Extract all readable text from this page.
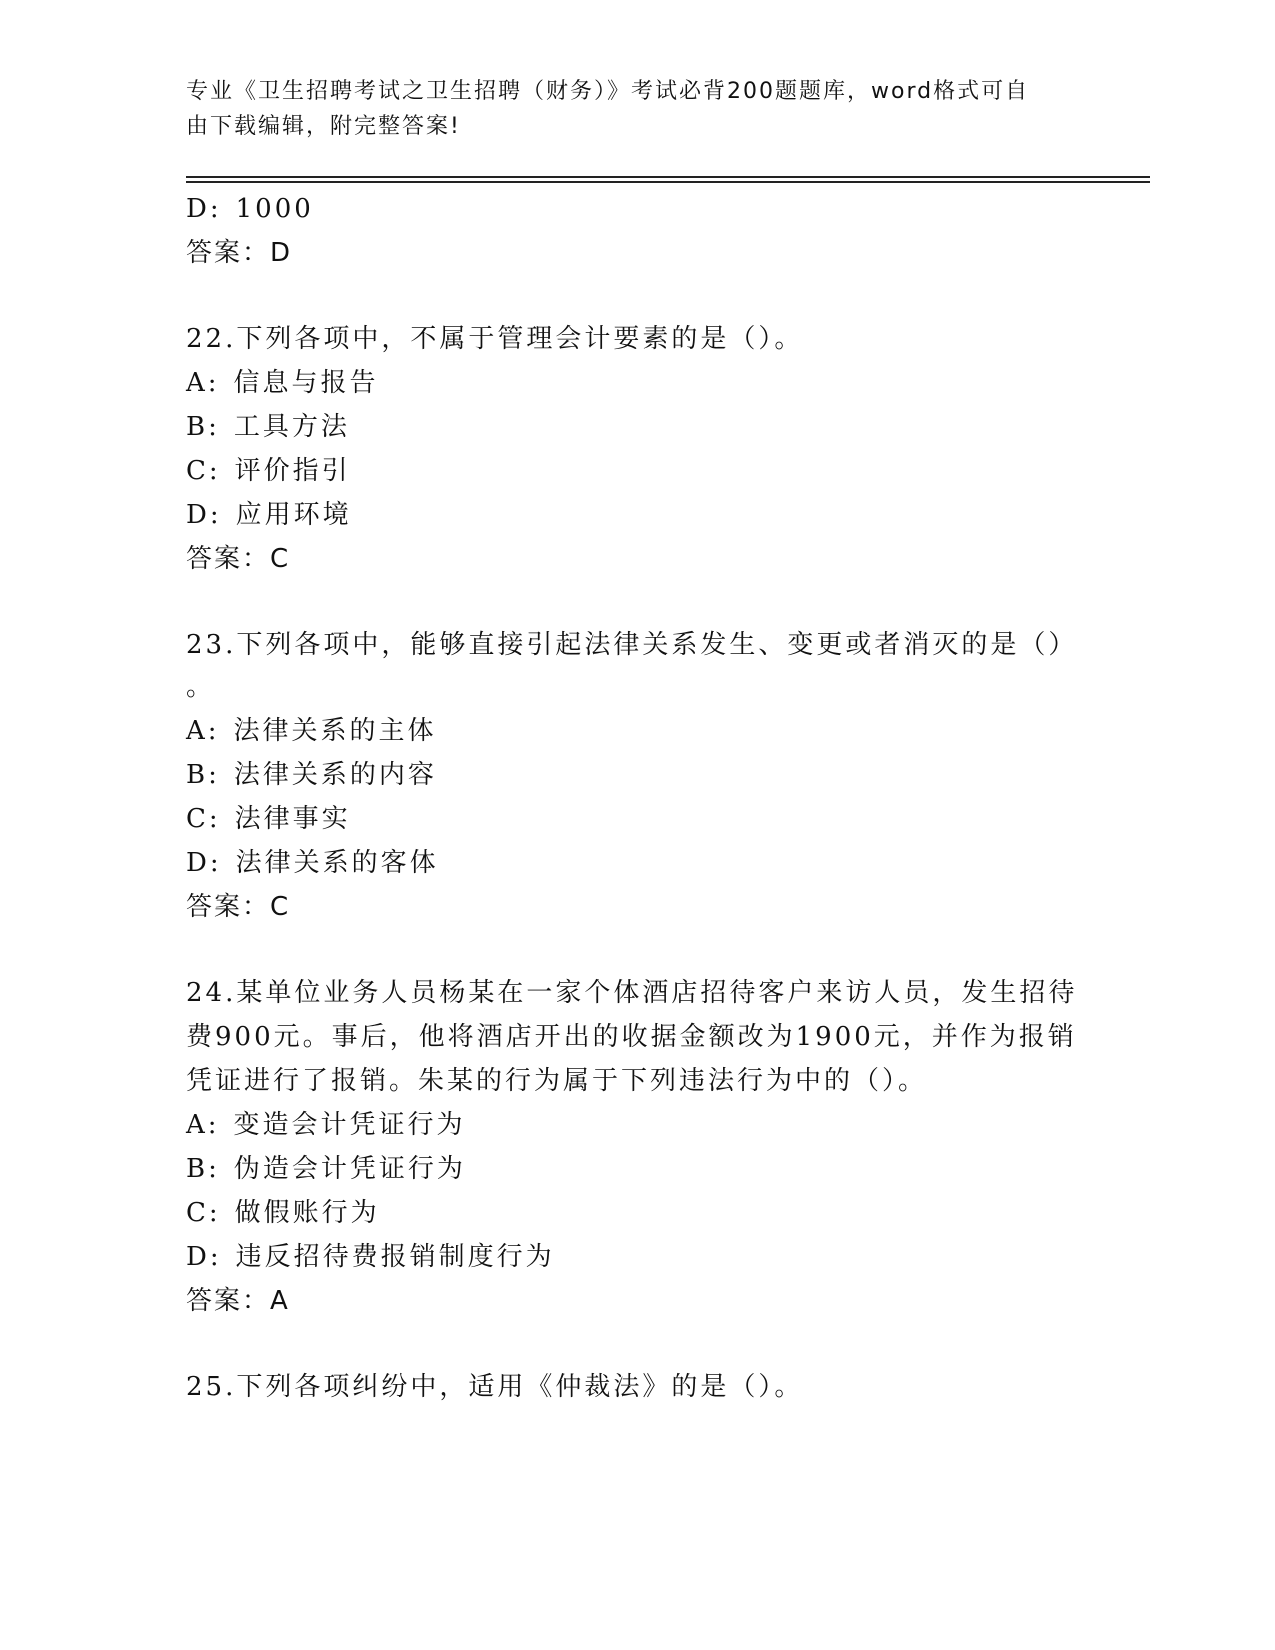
专业《卫生招聘考试之卫生招聘（财务）》考试必背200题题库，word格式可自
由下载编辑，附完整答案!
D: 1000
答案：D
22.下列各项中，不属于管理会计要素的是（）。
A: 信息与报告
B: 工具方法
C: 评价指引
D: 应用环境
答案：C
23.下列各项中，能够直接引起法律关系发生、变更或者消灭的是（）
。
A: 法律关系的主体
B: 法律关系的内容
C: 法律事实
D: 法律关系的客体
答案：C
24.某单位业务人员杨某在一家个体酒店招待客户来访人员，发生招待
费900元。事后，他将酒店开出的收据金额改为1900元，并作为报销
凭证进行了报销。朱某的行为属于下列违法行为中的（）。
A: 变造会计凭证行为
B: 伪造会计凭证行为
C: 做假账行为
D: 违反招待费报销制度行为
答案：A
25.下列各项纠纷中，适用《仲裁法》的是（）。
